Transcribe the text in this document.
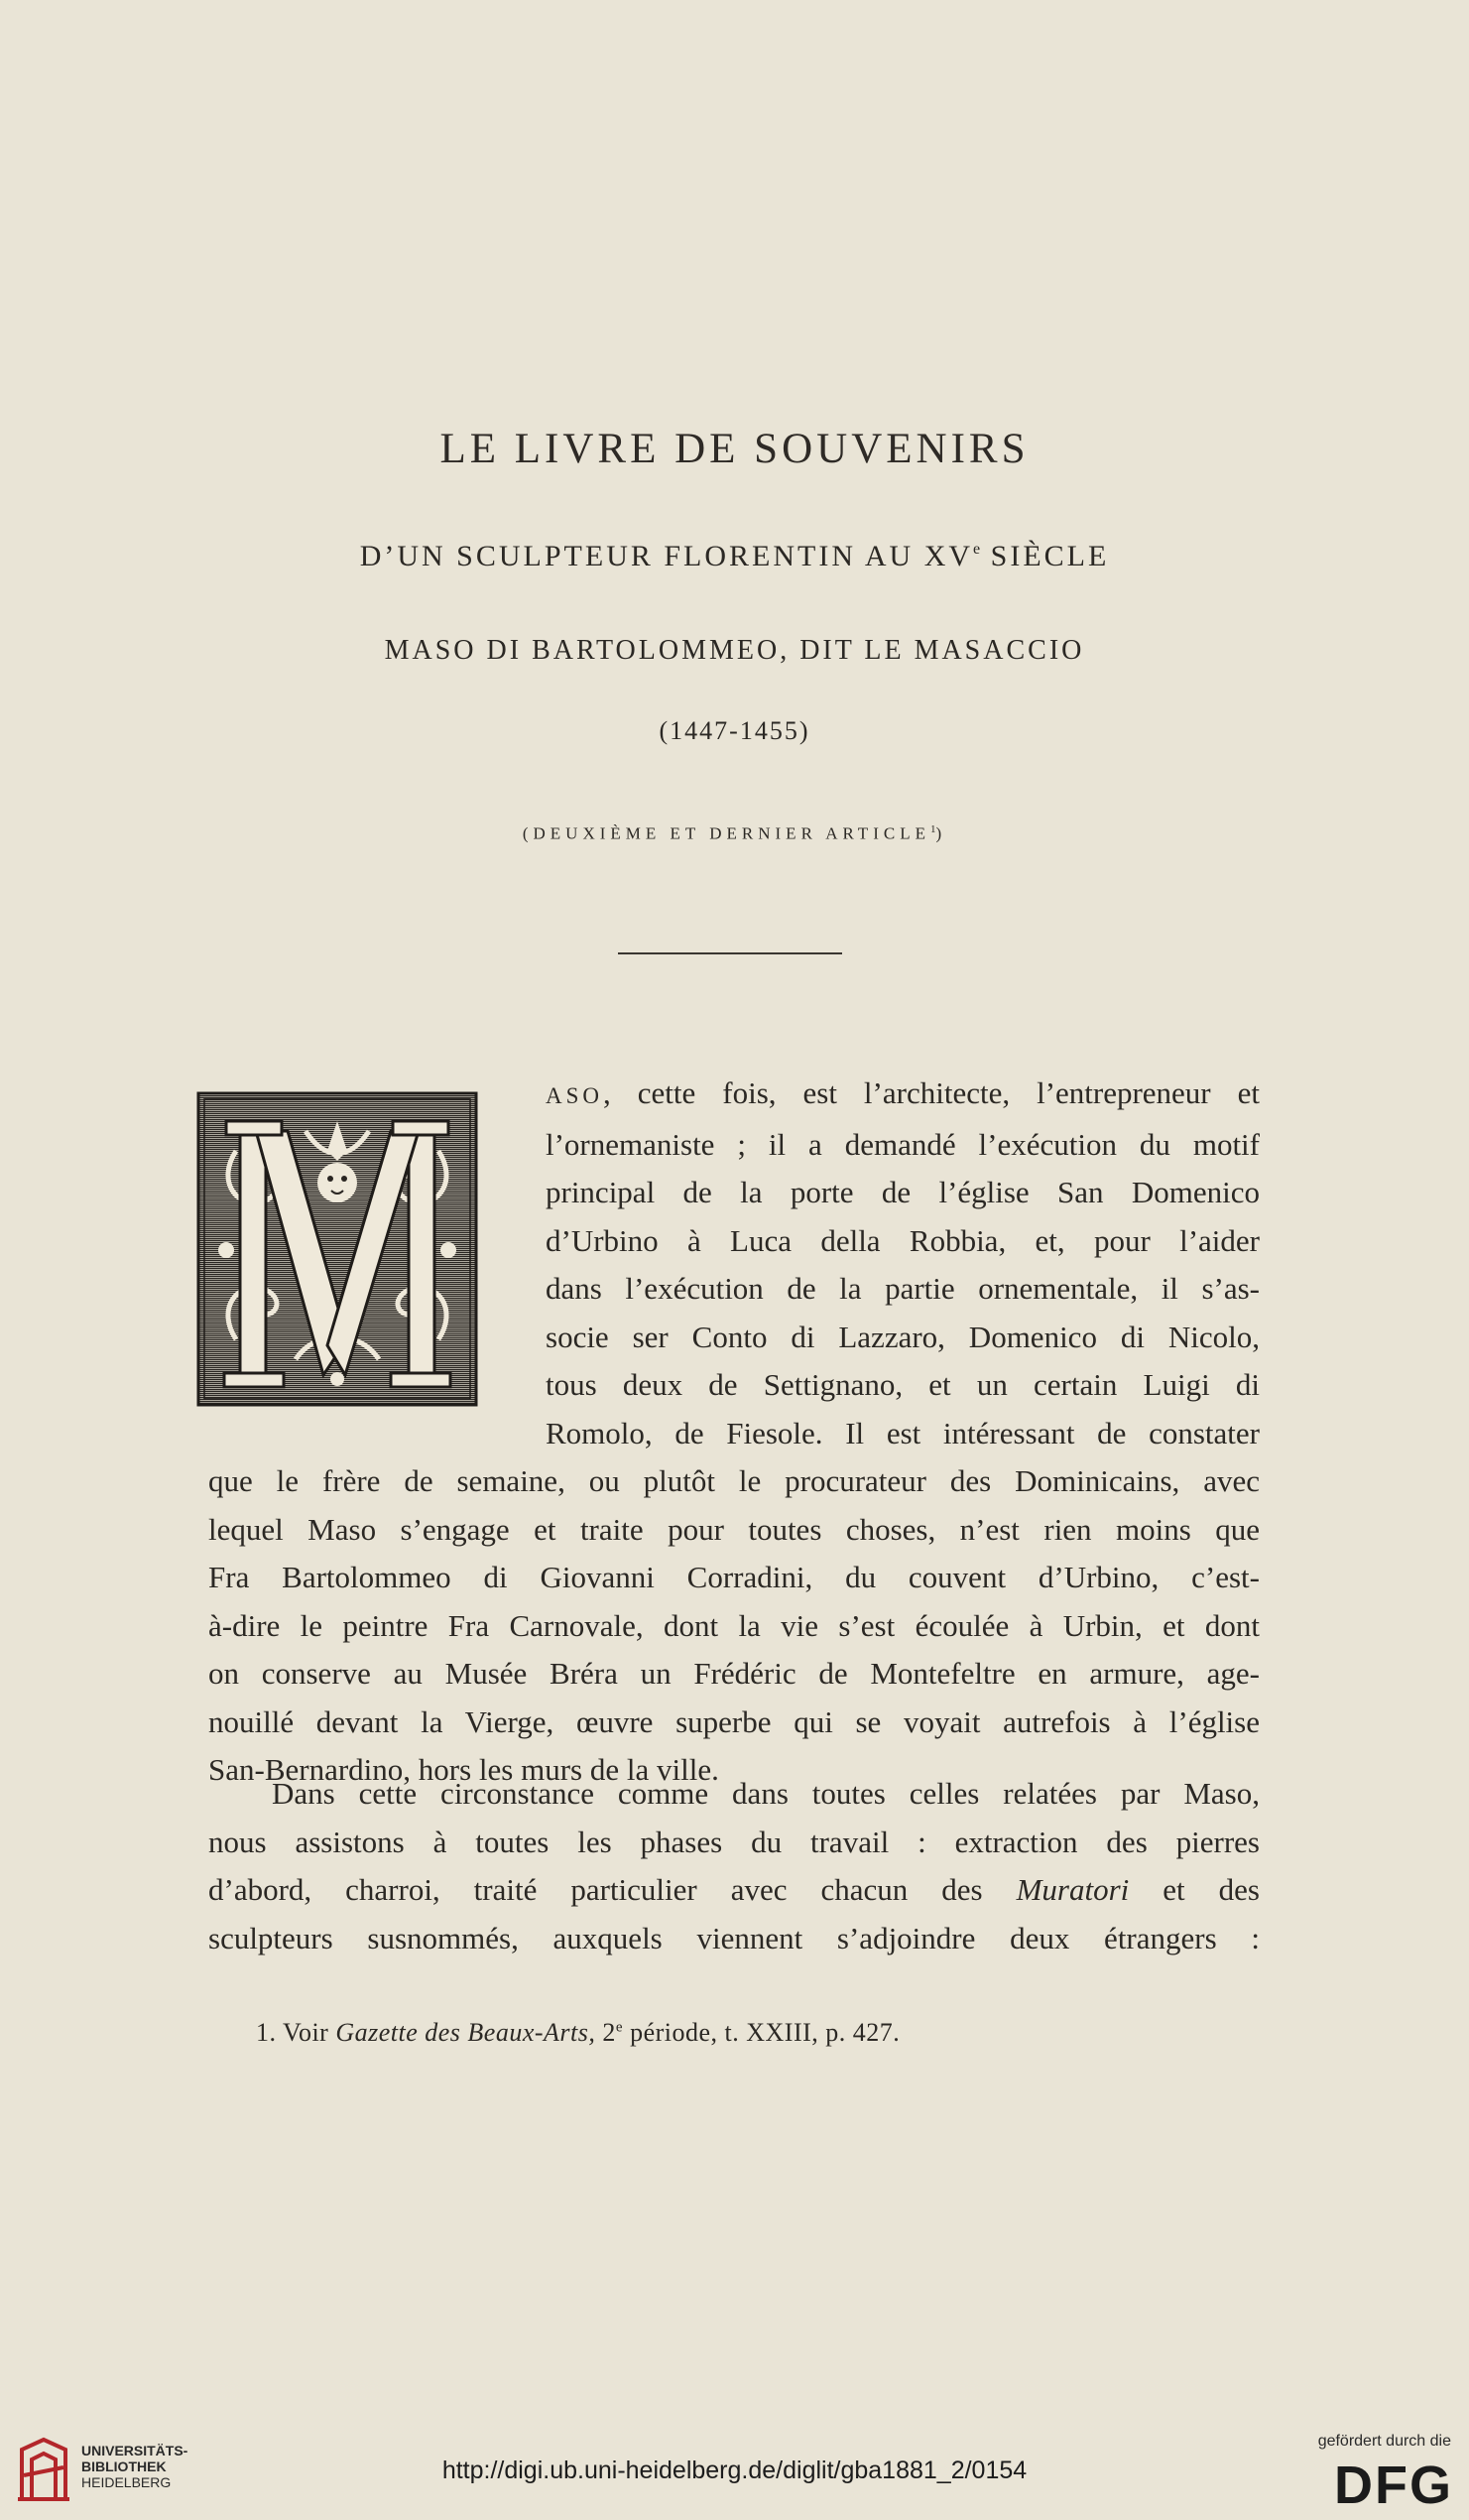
LE LIVRE DE SOUVENIRS
D’UN SCULPTEUR FLORENTIN AU XVe SIÈCLE
MASO DI BARTOLOMMEO, DIT LE MASACCIO
(1447-1455)
(DEUXIÈME ET DERNIER ARTICLE$^1$)
ASO, cette fois, est l’architecte, l’entrepreneur et
l’ornemaniste ; il a demandé l’exécution du motif
principal de la porte de l’église San Domenico
d’Urbino à Luca della Robbia, et, pour l’aider
dans l’exécution de la partie ornementale, il s’as-
socie ser Conto di Lazzaro, Domenico di Nicolo,
tous deux de Settignano, et un certain Luigi di
Romolo, de Fiesole. Il est intéressant de constater
que le frère de semaine, ou plutôt le procurateur des Dominicains, avec
lequel Maso s’engage et traite pour toutes choses, n’est rien moins que
Fra Bartolommeo di Giovanni Corradini, du couvent d’Urbino, c’est-
à-dire le peintre Fra Carnovale, dont la vie s’est écoulée à Urbin, et dont
on conserve au Musée Bréra un Frédéric de Montefeltre en armure, age-
nouillé devant la Vierge, œuvre superbe qui se voyait autrefois à l’église
San-Bernardino, hors les murs de la ville.
Dans cette circonstance comme dans toutes celles relatées par Maso,
nous assistons à toutes les phases du travail : extraction des pierres
d’abord, charroi, traité particulier avec chacun des Muratori et des
sculpteurs susnommés, auxquels viennent s’adjoindre deux étrangers :
1. Voir Gazette des Beaux-Arts, 2e période, t. XXIII, p. 427.
UNIVERSITÄTS-
BIBLIOTHEK
HEIDELBERG	http://digi.ub.uni-heidelberg.de/diglit/gba1881_2/0154
gefördert durch die
DFG
